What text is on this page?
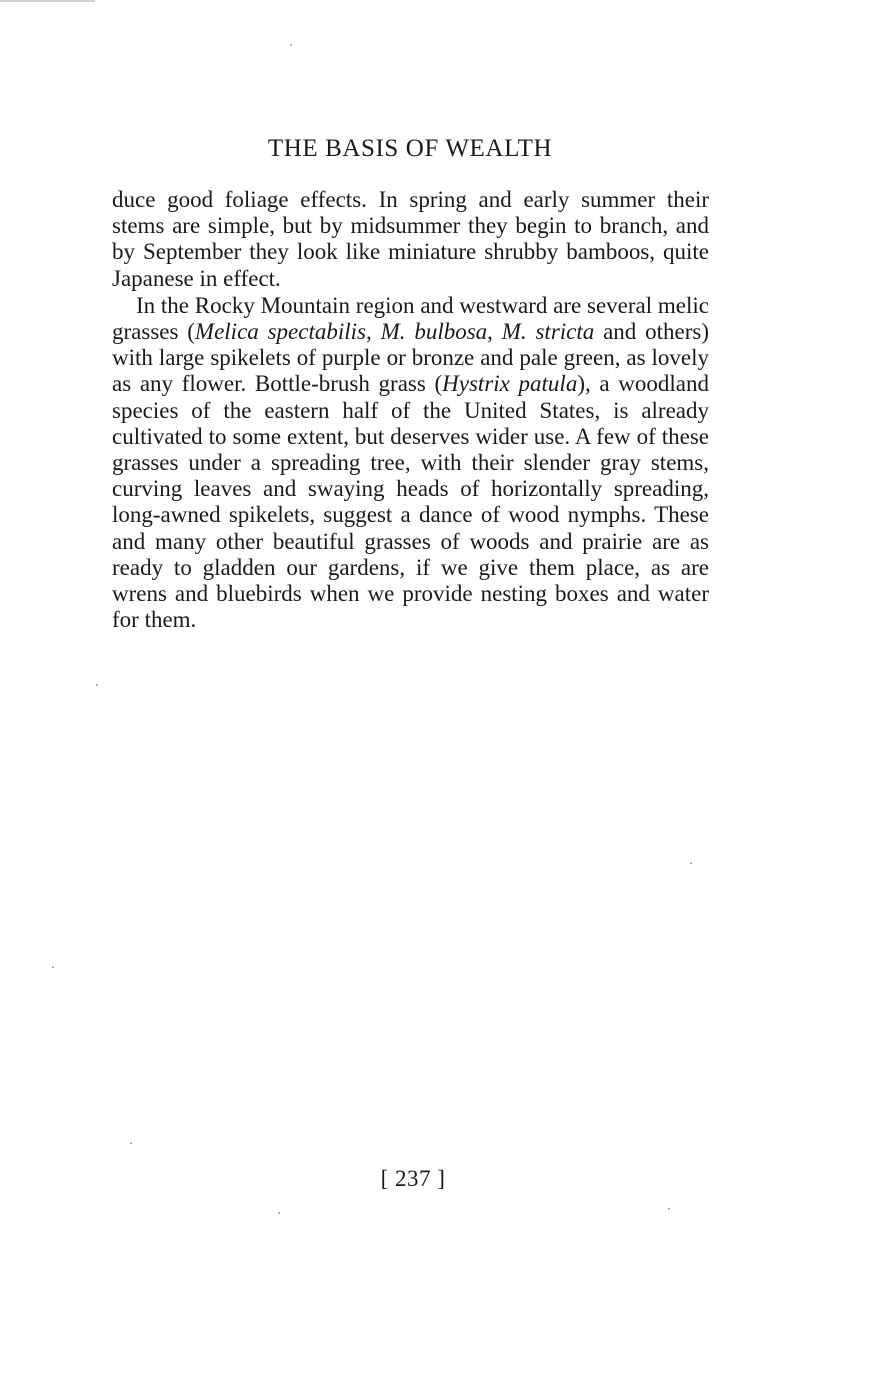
THE BASIS OF WEALTH

duce good foliage effects. In spring and early summer their stems are simple, but by midsummer they begin to branch, and by September they look like miniature shrubby bamboos, quite Japanese in effect.

In the Rocky Mountain region and westward are several melic grasses (Melica spectabilis, M. bulbosa, M. stricta and others) with large spikelets of purple or bronze and pale green, as lovely as any flower. Bottle-brush grass (Hystrix patula), a woodland species of the eastern half of the United States, is already cultivated to some extent, but deserves wider use. A few of these grasses under a spreading tree, with their slender gray stems, curving leaves and swaying heads of horizontally spreading, long-awned spikelets, suggest a dance of wood nymphs. These and many other beautiful grasses of woods and prairie are as ready to gladden our gardens, if we give them place, as are wrens and bluebirds when we provide nesting boxes and water for them.

[ 237 ]
